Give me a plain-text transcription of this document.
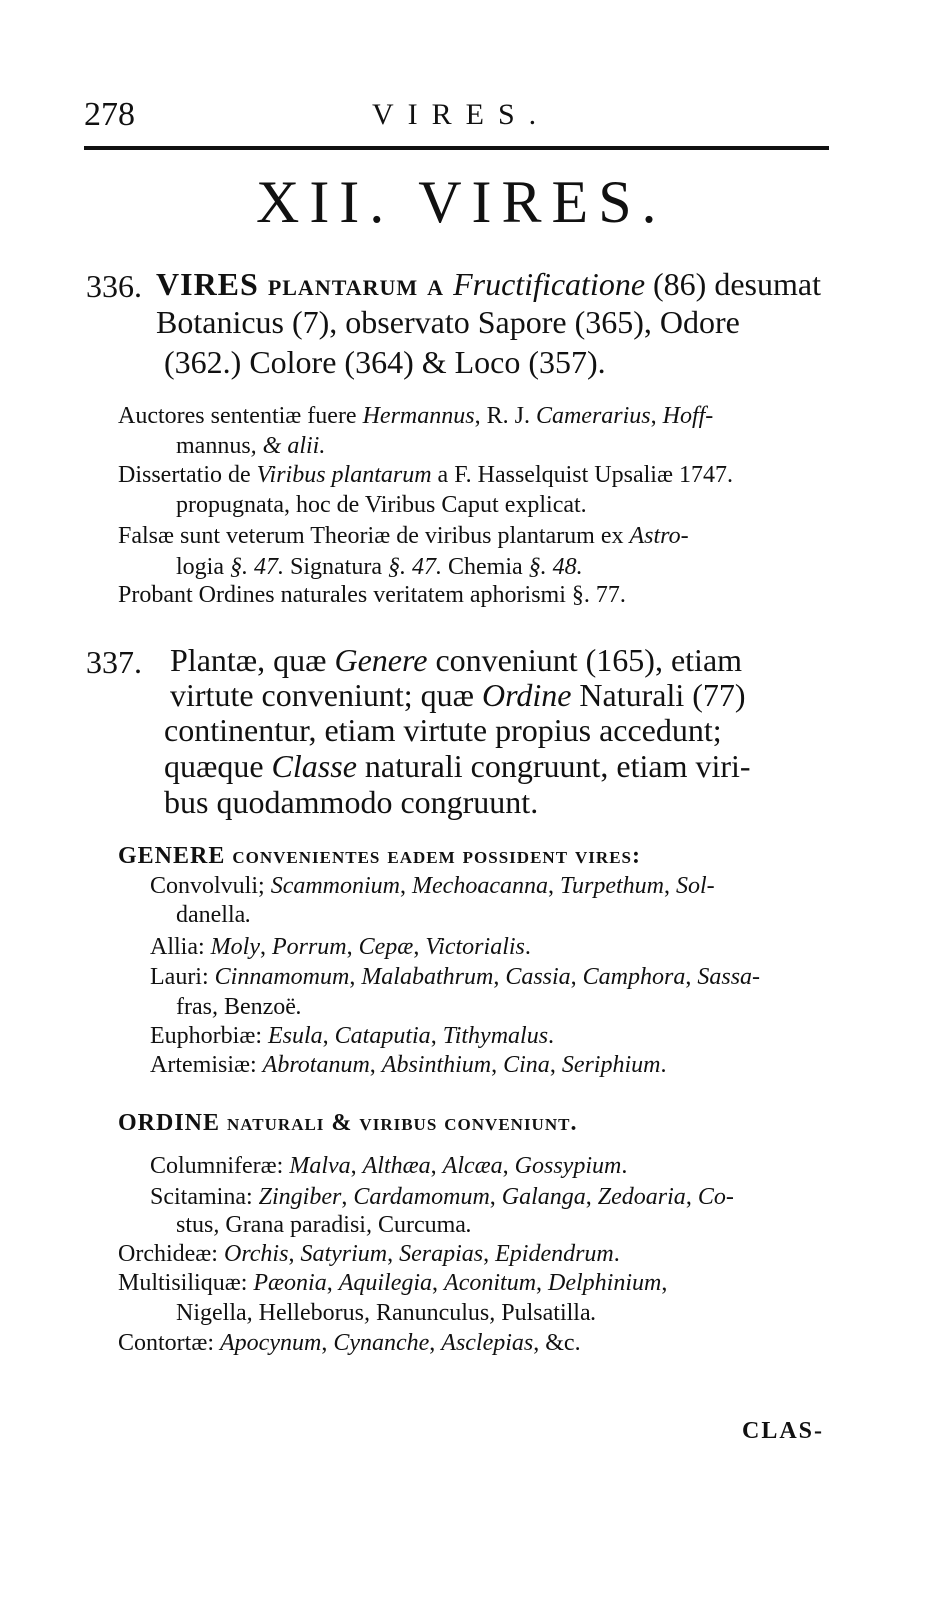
278	VIRES.
XII. VIRES.
336. VIRES plantarum a Fructificatione (86) desumat
Botanicus (7), observato Sapore (365), Odore
(362.) Colore (364) & Loco (357).
Auctores sententiæ fuere Hermannus, R. J. Camerarius, Hoff-
mannus, & alii.
Dissertatio de Viribus plantarum a F. Hasselquist Upsaliæ 1747.
propugnata, hoc de Viribus Caput explicat.
Falsæ sunt veterum Theoriæ de viribus plantarum ex Astro-
logia §. 47. Signatura §. 47. Chemia §. 48.
Probant Ordines naturales veritatem aphorismi §. 77.
337. Plantæ, quæ Genere conveniunt (165), etiam
virtute conveniunt; quæ Ordine Naturali (77)
continentur, etiam virtute propius accedunt;
quæque Classe naturali congruunt, etiam viri-
bus quodammodo congruunt.
GENERE convenientes eadem possident vires:
Convolvuli; Scammonium, Mechoacanna, Turpethum, Sol-
danella.
Allia: Moly, Porrum, Cepæ, Victorialis.
Lauri: Cinnamomum, Malabathrum, Cassia, Camphora, Sassa-
fras, Benzoë.
Euphorbiæ: Esula, Cataputia, Tithymalus.
Artemisiæ: Abrotanum, Absinthium, Cina, Seriphium.
ORDINE naturali & viribus conveniunt.
Columniferæ: Malva, Althæa, Alcæa, Gossypium.
Scitamina: Zingiber, Cardamomum, Galanga, Zedoaria, Co-
stus, Grana paradisi, Curcuma.
Orchideæ: Orchis, Satyrium, Serapias, Epidendrum.
Multisiliquæ: Pæonia, Aquilegia, Aconitum, Delphinium,
Nigella, Helleborus, Ranunculus, Pulsatilla.
Contortæ: Apocynum, Cynanche, Asclepias, &c.
CLAS-
